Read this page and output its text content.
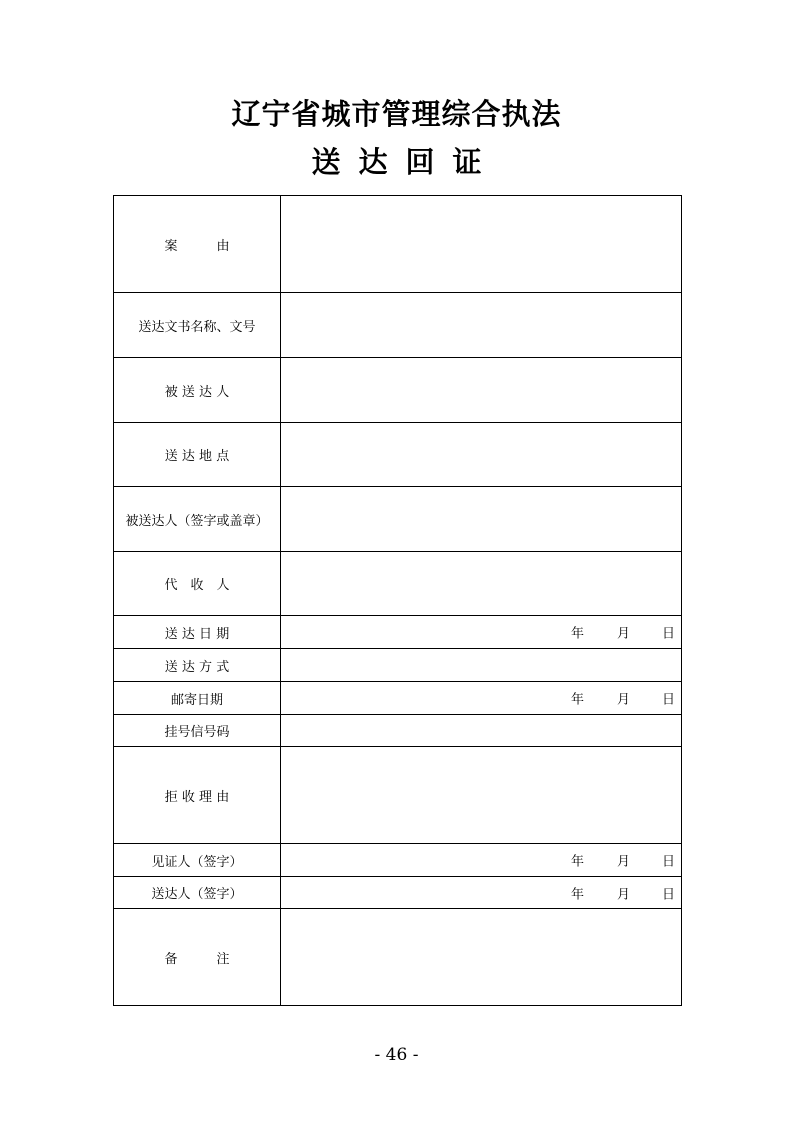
辽宁省城市管理综合执法
送达回证
案　　　由	
送达文书名称、文号	
被 送 达 人	
送 达 地 点	
被送达人（签字或盖章）	
代　收　人	
送 达 日 期	年 月 日

送 达 方 式	
邮寄日期	年 月 日

挂号信号码	
拒 收 理 由	
见证人（签字）	年 月 日

送达人（签字）	年 月 日

备　　　注	
- 46 -
